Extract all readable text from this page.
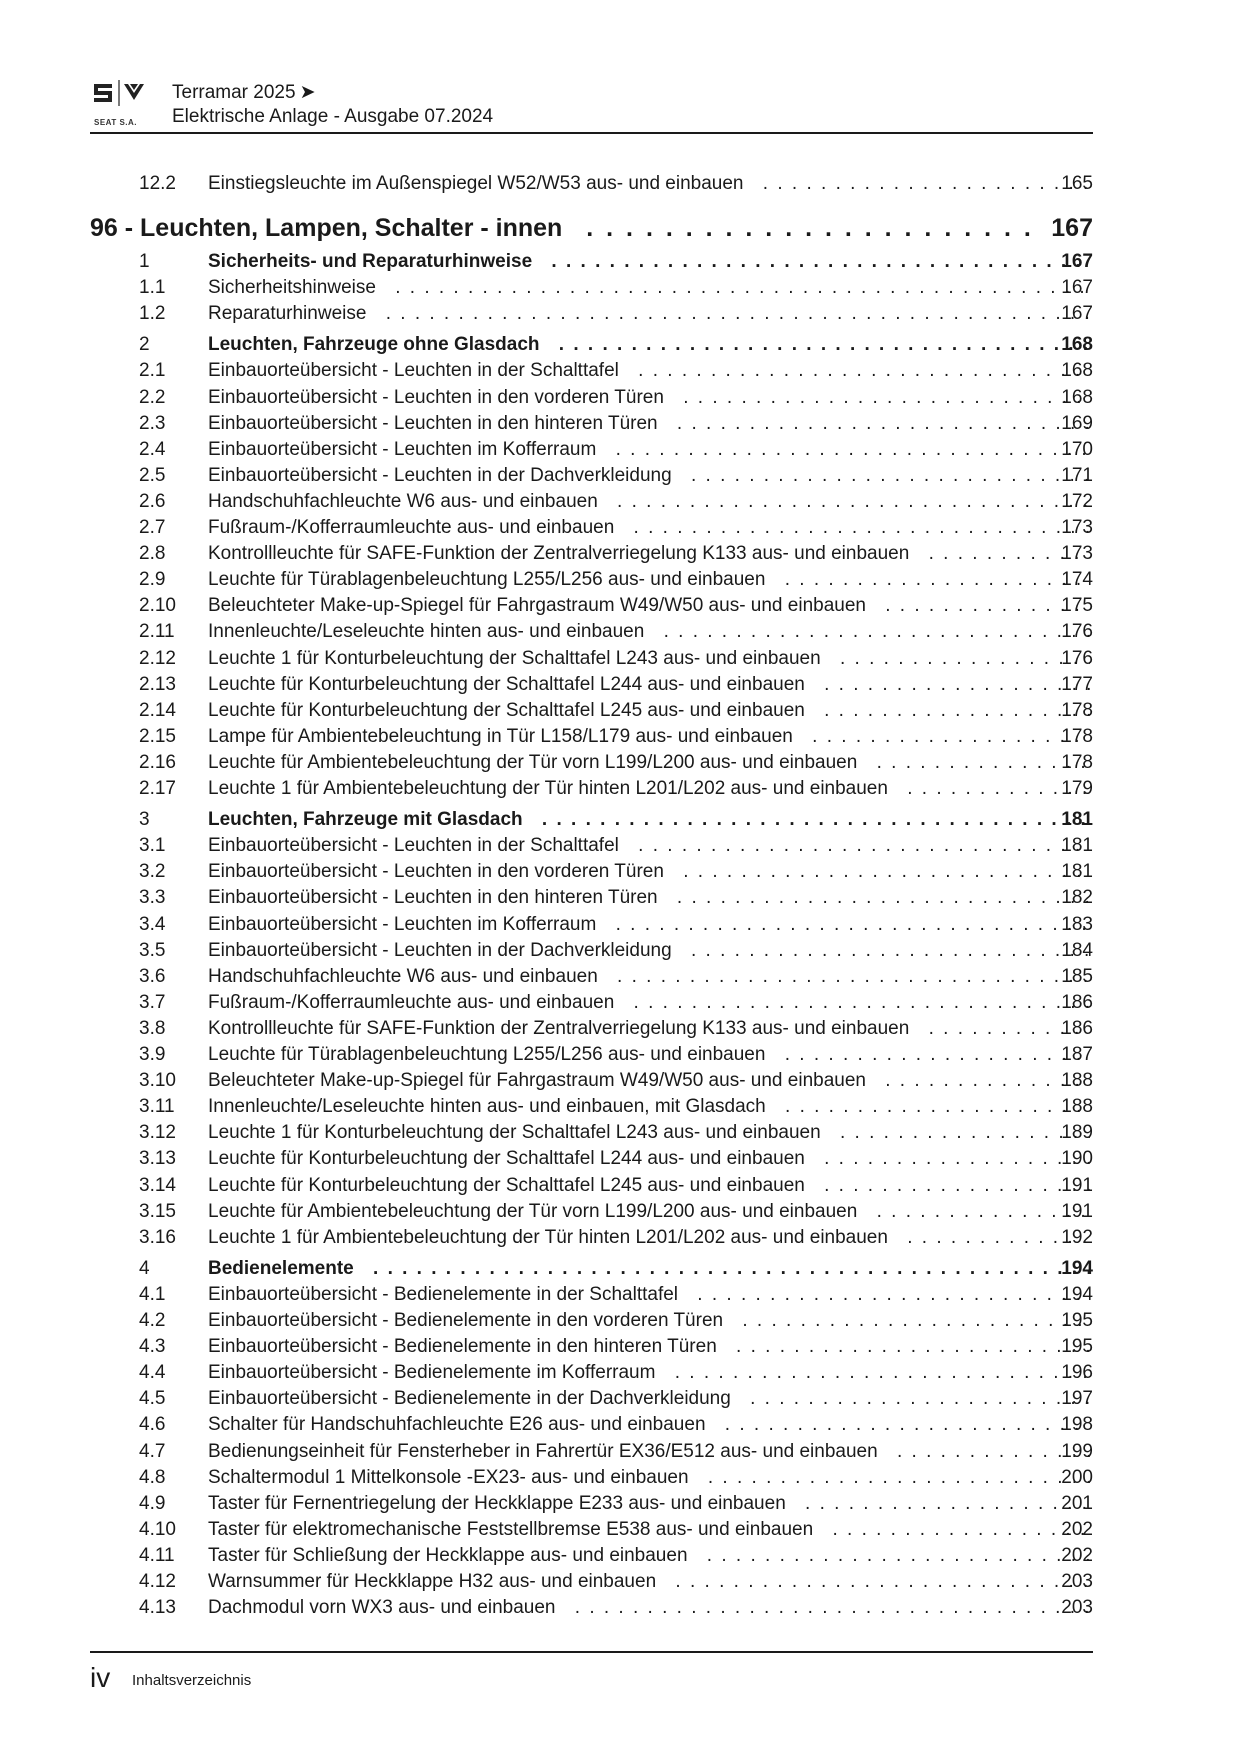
SEAT S.A.
Terramar 2025 ➤
Elektrische Anlage - Ausgabe 07.2024
12.2 Einstiegsleuchte im Außenspiegel W52/W53 aus- und einbauen . . .	165
96 - Leuchten, Lampen, Schalter - innen . . .	167
1	Sicherheits- und Reparaturhinweise . . .	167
1.1 Sicherheitshinweise . . .	167
1.2 Reparaturhinweise . . .	167
2	Leuchten, Fahrzeuge ohne Glasdach . . .	168
2.1 Einbauorteübersicht - Leuchten in der Schalttafel . . .	168
2.2 Einbauorteübersicht - Leuchten in den vorderen Türen . . .	168
2.3 Einbauorteübersicht - Leuchten in den hinteren Türen . . .	169
2.4 Einbauorteübersicht - Leuchten im Kofferraum . . .	170
2.5 Einbauorteübersicht - Leuchten in der Dachverkleidung . . .	171
2.6 Handschuhfachleuchte W6 aus- und einbauen . . .	172
2.7 Fußraum-/Kofferraumleuchte aus- und einbauen . . .	173
2.8 Kontrollleuchte für SAFE-Funktion der Zentralverriegelung K133 aus- und einbauen . . .	173
2.9 Leuchte für Türablagenbeleuchtung L255/L256 aus- und einbauen . . .	174
2.10 Beleuchteter Make-up-Spiegel für Fahrgastraum W49/W50 aus- und einbauen . . .	175
2.11 Innenleuchte/Leseleuchte hinten aus- und einbauen . . .	176
2.12 Leuchte 1 für Konturbeleuchtung der Schalttafel L243 aus- und einbauen . . .	176
2.13 Leuchte für Konturbeleuchtung der Schalttafel L244 aus- und einbauen . . .	177
2.14 Leuchte für Konturbeleuchtung der Schalttafel L245 aus- und einbauen . . .	178
2.15 Lampe für Ambientebeleuchtung in Tür L158/L179 aus- und einbauen . . .	178
2.16 Leuchte für Ambientebeleuchtung der Tür vorn L199/L200 aus- und einbauen . . .	178
2.17 Leuchte 1 für Ambientebeleuchtung der Tür hinten L201/L202 aus- und einbauen . . .	179
3	Leuchten, Fahrzeuge mit Glasdach . . .	181
3.1 Einbauorteübersicht - Leuchten in der Schalttafel . . .	181
3.2 Einbauorteübersicht - Leuchten in den vorderen Türen . . .	181
3.3 Einbauorteübersicht - Leuchten in den hinteren Türen . . .	182
3.4 Einbauorteübersicht - Leuchten im Kofferraum . . .	183
3.5 Einbauorteübersicht - Leuchten in der Dachverkleidung . . .	184
3.6 Handschuhfachleuchte W6 aus- und einbauen . . .	185
3.7 Fußraum-/Kofferraumleuchte aus- und einbauen . . .	186
3.8 Kontrollleuchte für SAFE-Funktion der Zentralverriegelung K133 aus- und einbauen . . .	186
3.9 Leuchte für Türablagenbeleuchtung L255/L256 aus- und einbauen . . .	187
3.10 Beleuchteter Make-up-Spiegel für Fahrgastraum W49/W50 aus- und einbauen . . .	188
3.11 Innenleuchte/Leseleuchte hinten aus- und einbauen, mit Glasdach . . .	188
3.12 Leuchte 1 für Konturbeleuchtung der Schalttafel L243 aus- und einbauen . . .	189
3.13 Leuchte für Konturbeleuchtung der Schalttafel L244 aus- und einbauen . . .	190
3.14 Leuchte für Konturbeleuchtung der Schalttafel L245 aus- und einbauen . . .	191
3.15 Leuchte für Ambientebeleuchtung der Tür vorn L199/L200 aus- und einbauen . . .	191
3.16 Leuchte 1 für Ambientebeleuchtung der Tür hinten L201/L202 aus- und einbauen . . .	192
4	Bedienelemente . . .	194
4.1 Einbauorteübersicht - Bedienelemente in der Schalttafel . . .	194
4.2 Einbauorteübersicht - Bedienelemente in den vorderen Türen . . .	195
4.3 Einbauorteübersicht - Bedienelemente in den hinteren Türen . . .	195
4.4 Einbauorteübersicht - Bedienelemente im Kofferraum . . .	196
4.5 Einbauorteübersicht - Bedienelemente in der Dachverkleidung . . .	197
4.6 Schalter für Handschuhfachleuchte E26 aus- und einbauen . . .	198
4.7 Bedienungseinheit für Fensterheber in Fahrertür EX36/E512 aus- und einbauen . . .	199
4.8 Schaltermodul 1 Mittelkonsole -EX23- aus- und einbauen . . .	200
4.9 Taster für Fernentriegelung der Heckklappe E233 aus- und einbauen . . .	201
4.10 Taster für elektromechanische Feststellbremse E538 aus- und einbauen . . .	202
4.11 Taster für Schließung der Heckklappe aus- und einbauen . . .	202
4.12 Warnsummer für Heckklappe H32 aus- und einbauen . . .	203
4.13 Dachmodul vorn WX3 aus- und einbauen . . .	203
iv Inhaltsverzeichnis
